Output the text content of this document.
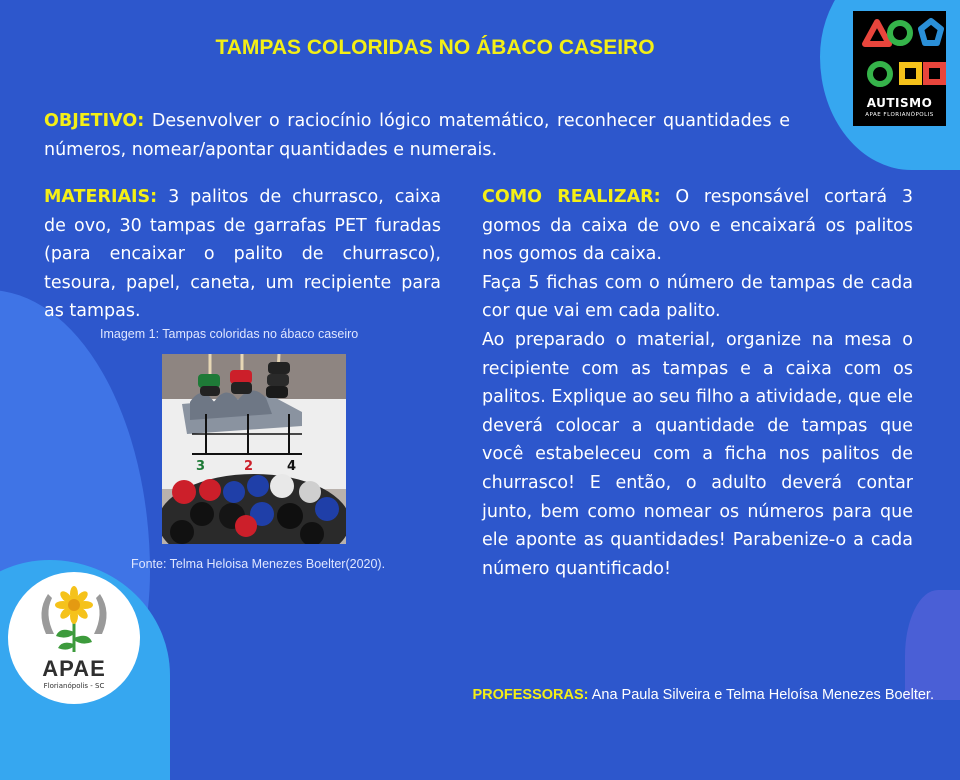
AUTISMO
APAE FLORIANÓPOLIS
TAMPAS COLORIDAS NO ÁBACO CASEIRO
OBJETIVO: Desenvolver o raciocínio lógico matemático, reconhecer quantidades e números, nomear/apontar quantidades e numerais.
MATERIAIS: 3 palitos de churrasco, caixa de ovo, 30 tampas de garrafas PET furadas (para encaixar o palito de churrasco), tesoura, papel, caneta, um recipiente para as tampas.
Imagem 1: Tampas coloridas no ábaco caseiro
3	2	4
Fonte: Telma Heloisa Menezes Boelter(2020).

COMO REALIZAR: O responsável cortará 3 gomos da caixa de ovo e encaixará os palitos nos gomos da caixa.

Faça 5 fichas com o número de tampas de cada cor que vai em cada palito.

Ao preparado o material, organize na mesa o recipiente com as tampas e a caixa com os palitos. Explique ao seu filho a atividade, que ele deverá colocar a quantidade de tampas que você estabeleceu com a ficha nos palitos de churrasco! E então, o adulto deverá contar junto, bem como nomear os números para que ele aponte as quantidades! Parabenize-o a cada número quantificado!

APAE
Florianópolis - SC
PROFESSORAS: Ana Paula Silveira e Telma Heloísa Menezes Boelter.
